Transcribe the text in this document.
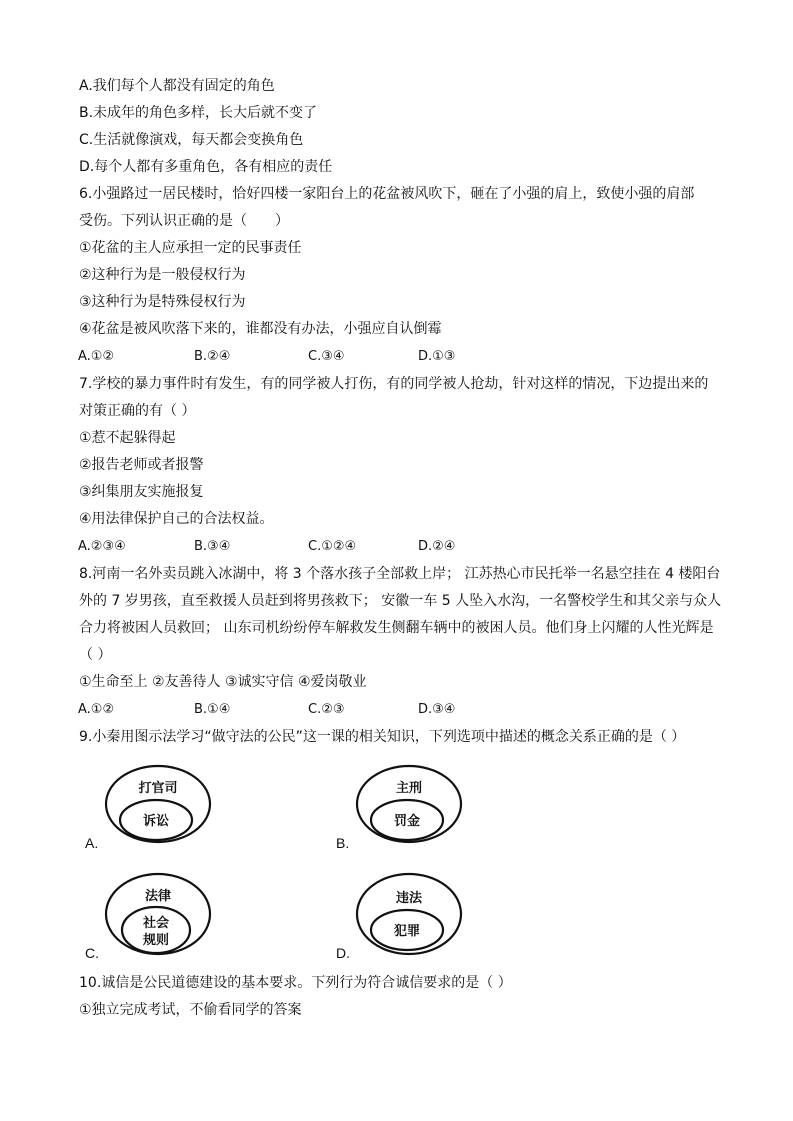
A.我们每个人都没有固定的角色
B.未成年的角色多样，长大后就不变了
C.生活就像演戏，每天都会变换角色
D.每个人都有多重角色，各有相应的责任
6.小强路过一居民楼时，恰好四楼一家阳台上的花盆被风吹下，砸在了小强的肩上，致使小强的肩部
受伤。下列认识正确的是（　　）
①花盆的主人应承担一定的民事责任
②这种行为是一般侵权行为
③这种行为是特殊侵权行为
④花盆是被风吹落下来的，谁都没有办法，小强应自认倒霉
A.①②	B.②④	C.③④	D.①③
7.学校的暴力事件时有发生，有的同学被人打伤，有的同学被人抢劫，针对这样的情况，下边提出来的
对策正确的有（ ）
①惹不起躲得起
②报告老师或者报警
③纠集朋友实施报复
④用法律保护自己的合法权益。
A.②③④	B.③④	C.①②④	D.②④
8.河南一名外卖员跳入冰湖中，将 3 个落水孩子全部救上岸； 江苏热心市民托举一名悬空挂在 4 楼阳台
外的 7 岁男孩，直至救援人员赶到将男孩救下； 安徽一车 5 人坠入水沟，一名警校学生和其父亲与众人
合力将被困人员救回； 山东司机纷纷停车解救发生侧翻车辆中的被困人员。他们身上闪耀的人性光辉是
（ ）
①生命至上 ②友善待人 ③诚实守信 ④爱岗敬业
A.①②	B.①④	C.②③	D.③④
9.小秦用图示法学习“做守法的公民”这一课的相关知识，下列选项中描述的概念关系正确的是（ ）
打官司
诉讼
A.
主刑
罚金
B.
法律
社会
规则
C.
违法
犯罪
D.
10.诚信是公民道德建设的基本要求。下列行为符合诚信要求的是（ ）
①独立完成考试，不偷看同学的答案
